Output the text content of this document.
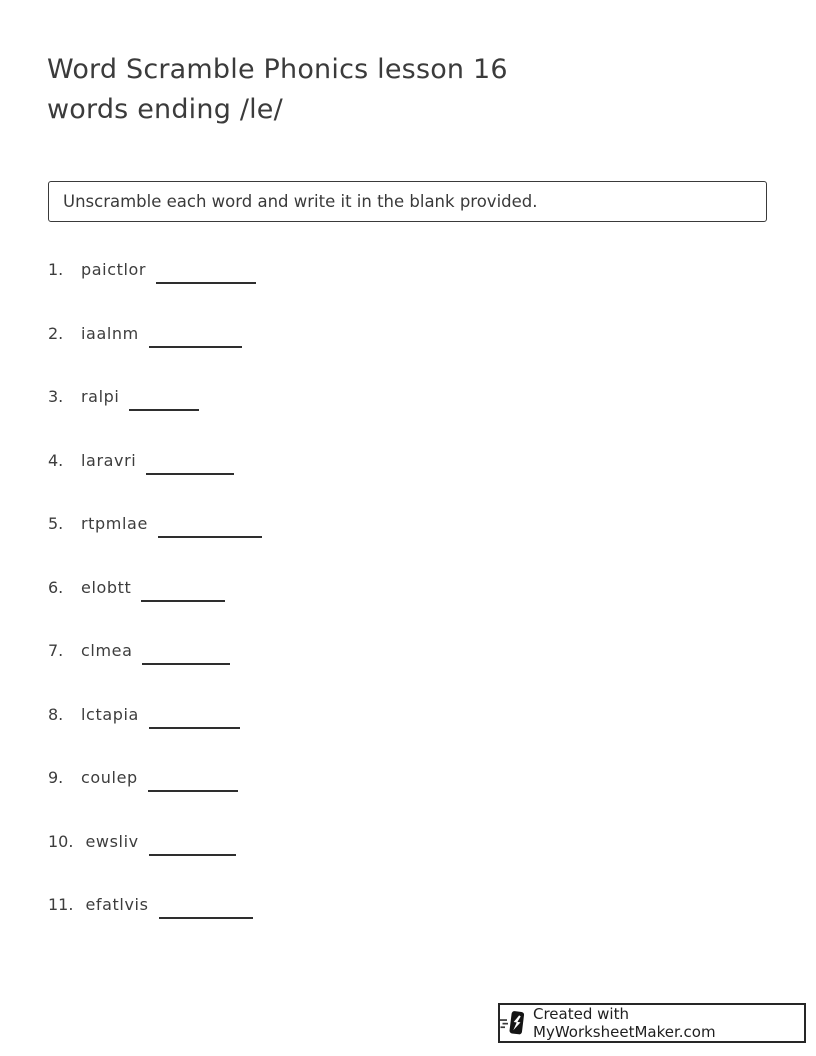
Word Scramble Phonics lesson 16
words ending /le/
Unscramble each word and write it in the blank provided.
1.	paictlor
2.	iaalnm
3.	ralpi
4.	laravri
5.	rtpmlae
6.	elobtt
7.	clmea
8.	lctapia
9.	coulep
10. ewsliv
11. efatlvis
Created with MyWorksheetMaker.com
